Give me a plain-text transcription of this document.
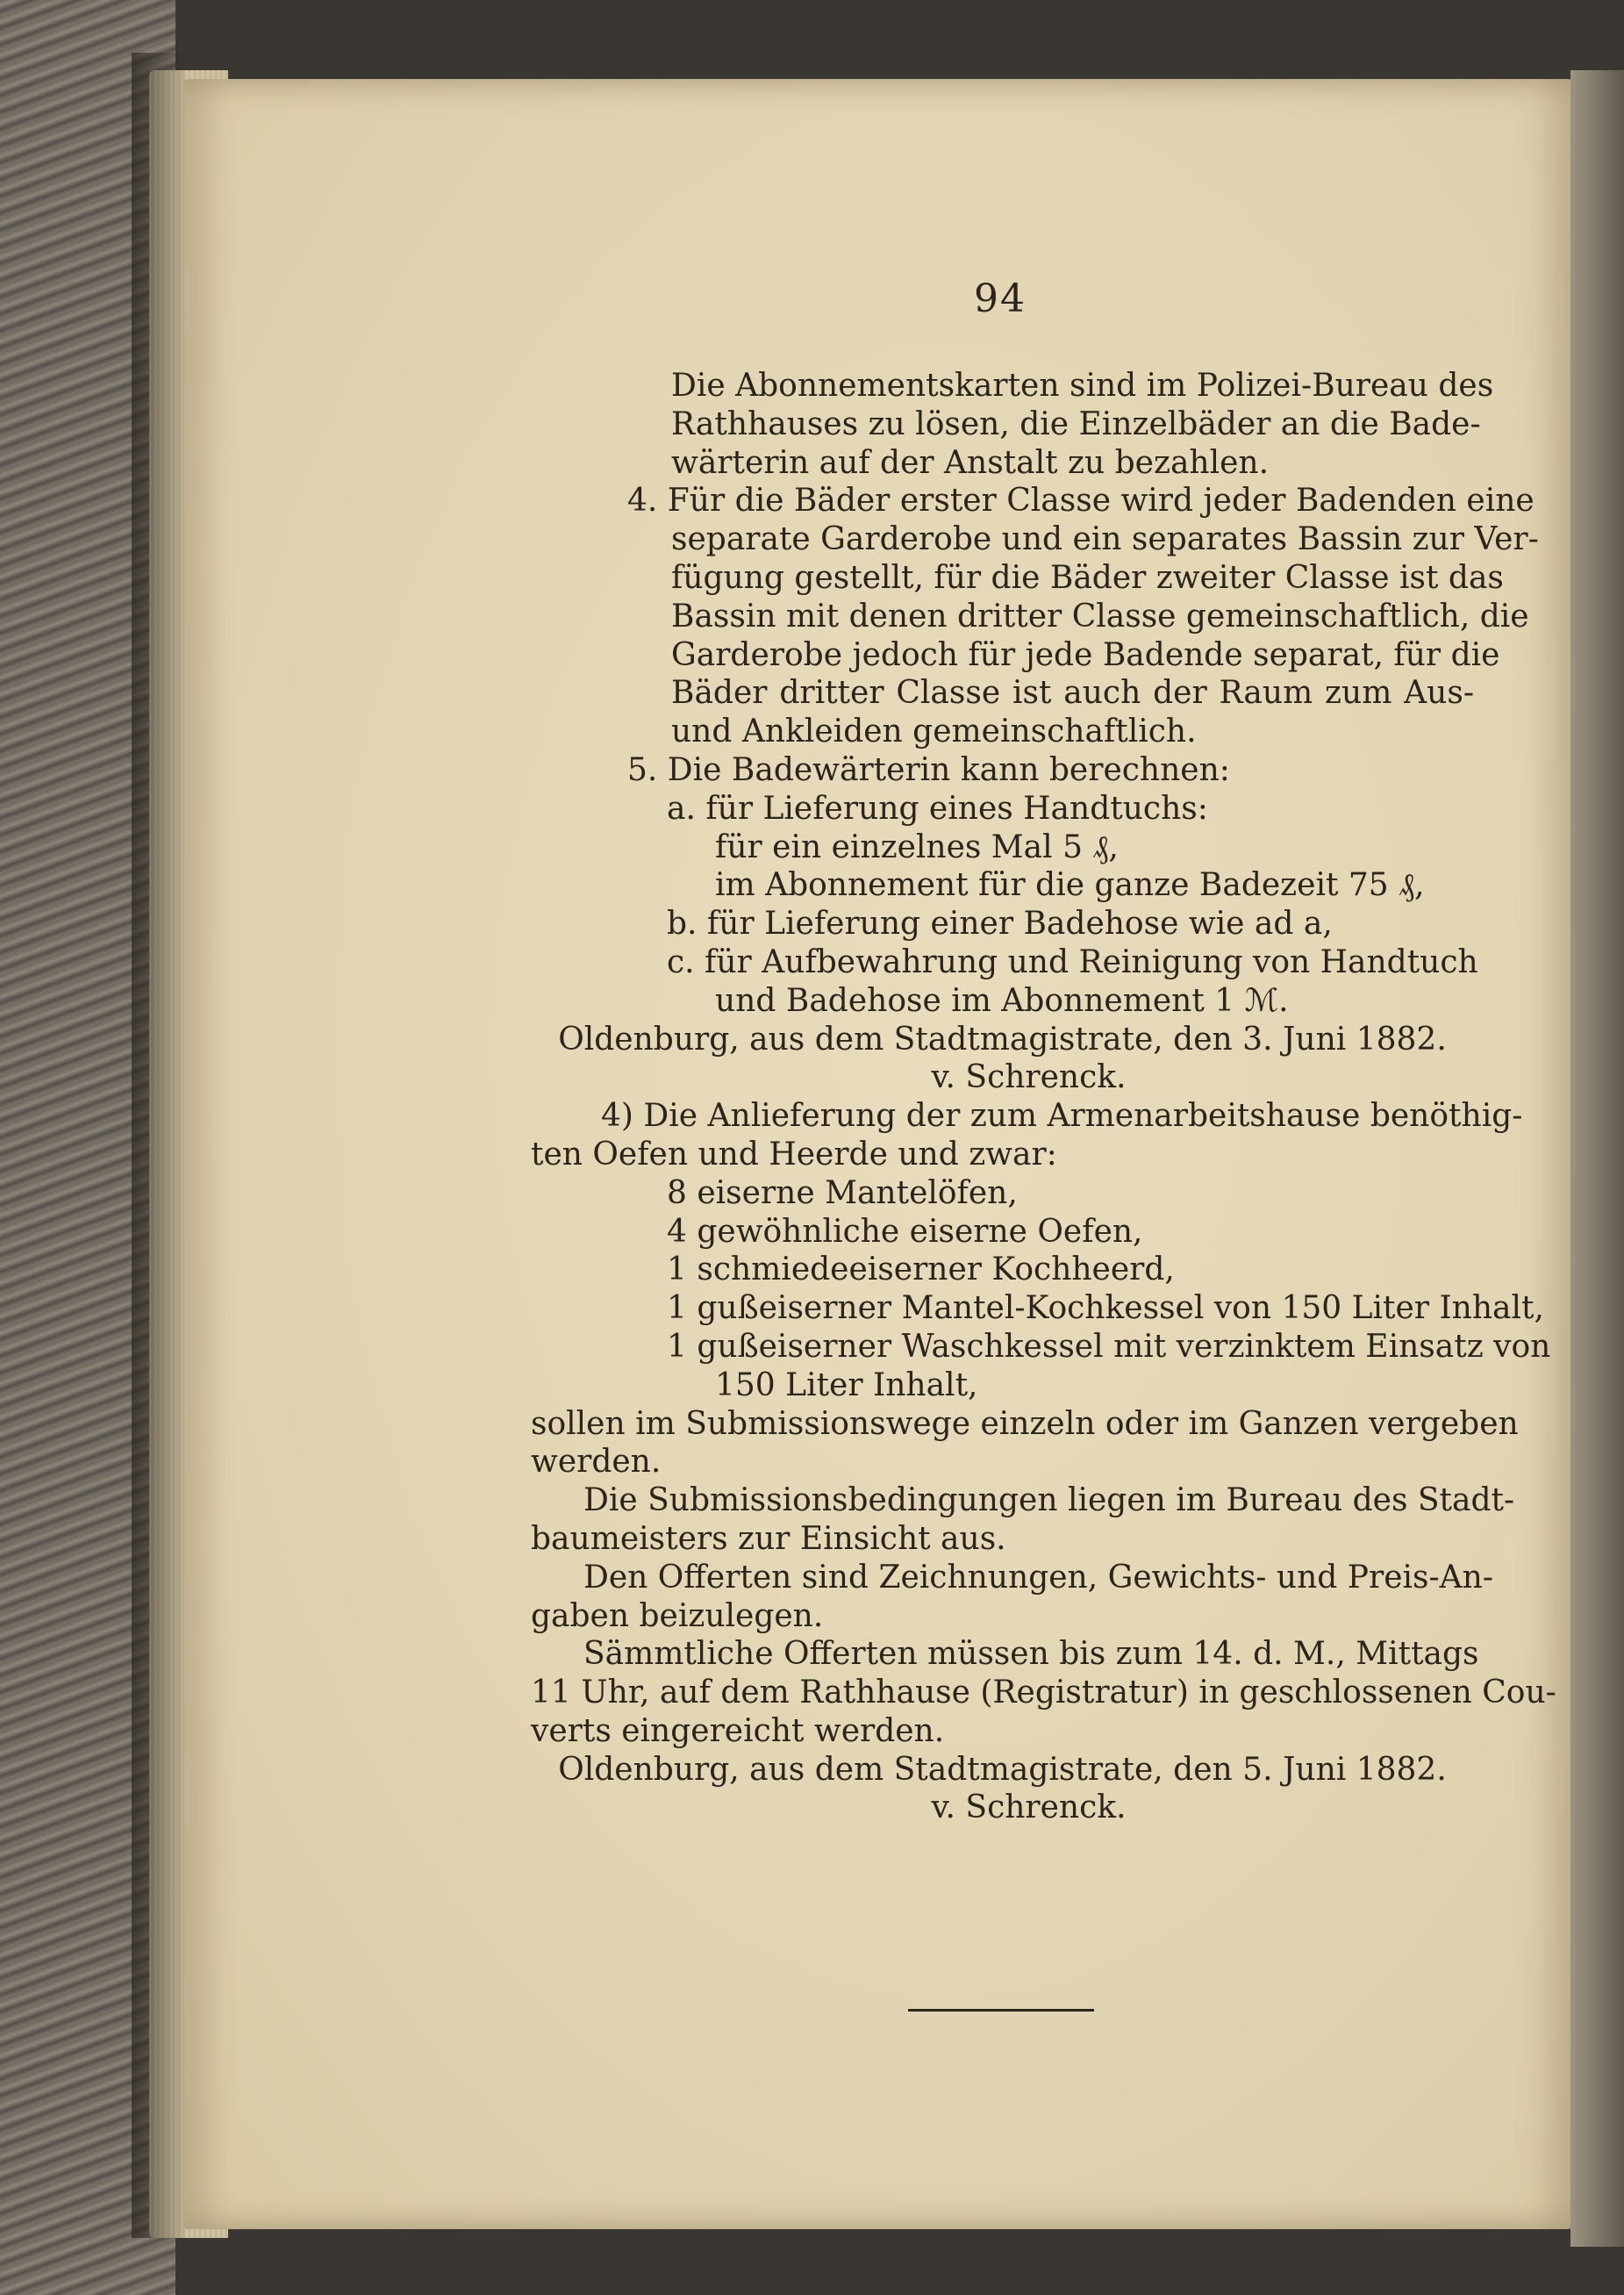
94
Die Abonnementskarten sind im Polizei-Bureau des
Rathhauses zu lösen, die Einzelbäder an die Bade-
wärterin auf der Anstalt zu bezahlen.
4. Für die Bäder erster Classe wird jeder Badenden eine
separate Garderobe und ein separates Bassin zur Ver-
fügung gestellt, für die Bäder zweiter Classe ist das
Bassin mit denen dritter Classe gemeinschaftlich, die
Garderobe jedoch für jede Badende separat, für die
Bäder dritter Classe ist auch der Raum zum Aus-
und Ankleiden gemeinschaftlich.
5. Die Badewärterin kann berechnen:
a. für Lieferung eines Handtuchs:
für ein einzelnes Mal 5 ₰,
im Abonnement für die ganze Badezeit 75 ₰,
b. für Lieferung einer Badehose wie ad a,
c. für Aufbewahrung und Reinigung von Handtuch
und Badehose im Abonnement 1 ℳ.
Oldenburg, aus dem Stadtmagistrate, den 3. Juni 1882.
v. Schrenck.
4) Die Anlieferung der zum Armenarbeitshause benöthig-
ten Oefen und Heerde und zwar:
8 eiserne Mantelöfen,
4 gewöhnliche eiserne Oefen,
1 schmiedeeiserner Kochheerd,
1 gußeiserner Mantel-Kochkessel von 150 Liter Inhalt,
1 gußeiserner Waschkessel mit verzinktem Einsatz von
150 Liter Inhalt,
sollen im Submissionswege einzeln oder im Ganzen vergeben
werden.
Die Submissionsbedingungen liegen im Bureau des Stadt-
baumeisters zur Einsicht aus.
Den Offerten sind Zeichnungen, Gewichts- und Preis-An-
gaben beizulegen.
Sämmtliche Offerten müssen bis zum 14. d. M., Mittags
11 Uhr, auf dem Rathhause (Registratur) in geschlossenen Cou-
verts eingereicht werden.
Oldenburg, aus dem Stadtmagistrate, den 5. Juni 1882.
v. Schrenck.
